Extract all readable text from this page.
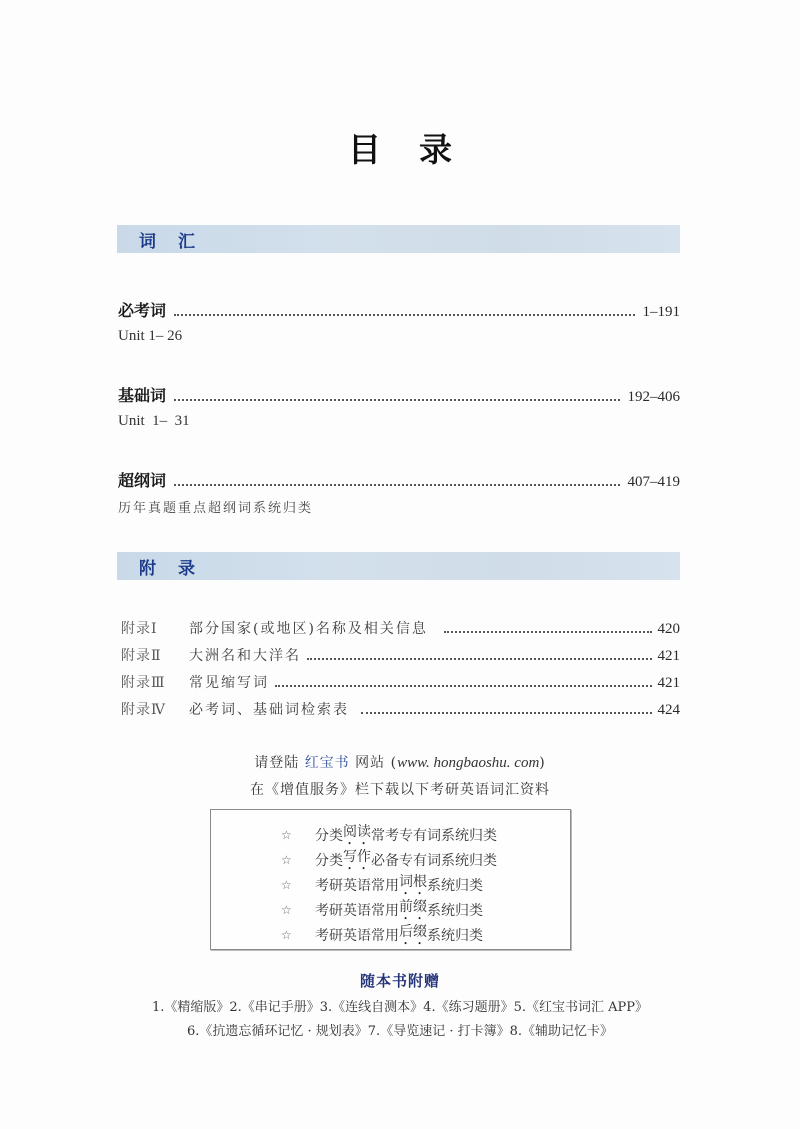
目录
词汇
必考词	1–191
Unit 1– 26
基础词	192–406
Unit  1–  31
超纲词	407–419
历年真题重点超纲词系统归类
附录
附录Ⅰ	部分国家(或地区)名称及相关信息	420
附录Ⅱ	大洲名和大洋名	421
附录Ⅲ	常见缩写词	421
附录Ⅳ	必考词、基础词检索表	424
请登陆 红宝书 网站 (www. hongbaoshu. com)
在《增值服务》栏下载以下考研英语词汇资料
☆	分类 阅读 常考专有词系统归类
☆	分类 写作 必备专有词系统归类
☆	考研英语常用 词根 系统归类
☆	考研英语常用 前缀 系统归类
☆	考研英语常用 后缀 系统归类
随本书附赠
1.《精缩版》2.《串记手册》3.《连线自测本》4.《练习题册》5.《红宝书词汇 APP》
6.《抗遗忘循环记忆 · 规划表》7.《导览速记 · 打卡簿》8.《辅助记忆卡》
